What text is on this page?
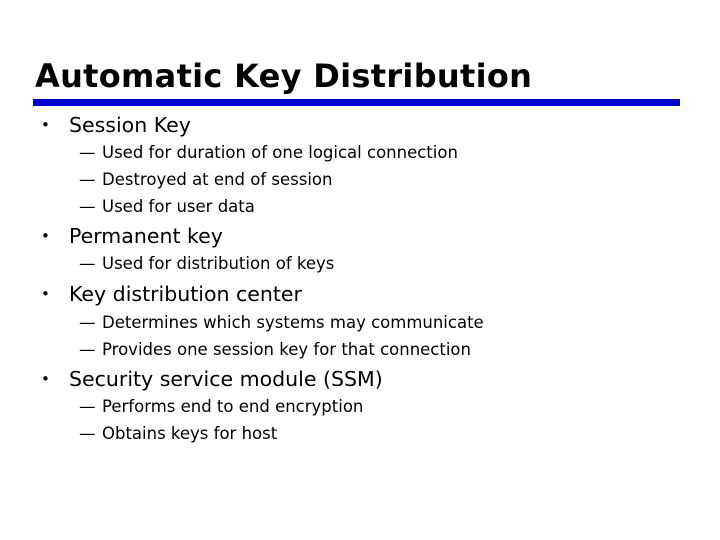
Automatic Key Distribution
• Session Key
— Used for duration of one logical connection
— Destroyed at end of session
— Used for user data
• Permanent key
— Used for distribution of keys
• Key distribution center
— Determines which systems may communicate
— Provides one session key for that connection
• Security service module (SSM)
— Performs end to end encryption
— Obtains keys for host
